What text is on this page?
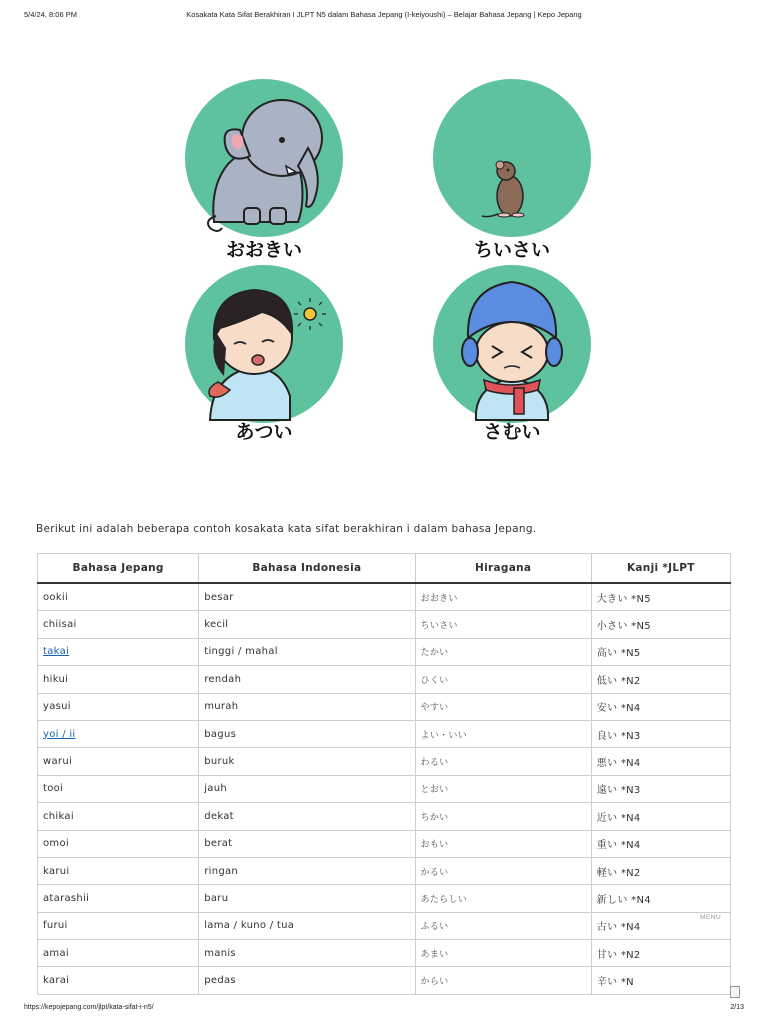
5/4/24, 8:06 PM	Kosakata Kata Sifat Berakhiran I JLPT N5 dalam Bahasa Jepang (I-keiyoushi) – Belajar Bahasa Jepang | Kepo Jepang
おおきい	ちいさい
あつい	さむい

Berikut ini adalah beberapa contoh kosakata kata sifat berakhiran i dalam bahasa Jepang.

Bahasa Jepang	Bahasa Indonesia	Hiragana	Kanji *JLPT
ookii	besar	おおきい	大きい *N5
chiisai	kecil	ちいさい	小さい *N5
takai	tinggi / mahal	たかい	高い *N5
hikui	rendah	ひくい	低い *N2
yasui	murah	やすい	安い *N4
yoi / ii	bagus	よい・いい	良い *N3
warui	buruk	わるい	悪い *N4
tooi	jauh	とおい	遠い *N3
chikai	dekat	ちかい	近い *N4
omoi	berat	おもい	重い *N4
karui	ringan	かるい	軽い *N2
atarashii	baru	あたらしい	新しい *N4
furui	lama / kuno / tua	ふるい	古い *N4
amai	manis	あまい	甘い *N2
karai	pedas	からい	辛い *N
MENU
https://kepojepang.com/jlpt/kata-sifat-i-n5/	2/13
